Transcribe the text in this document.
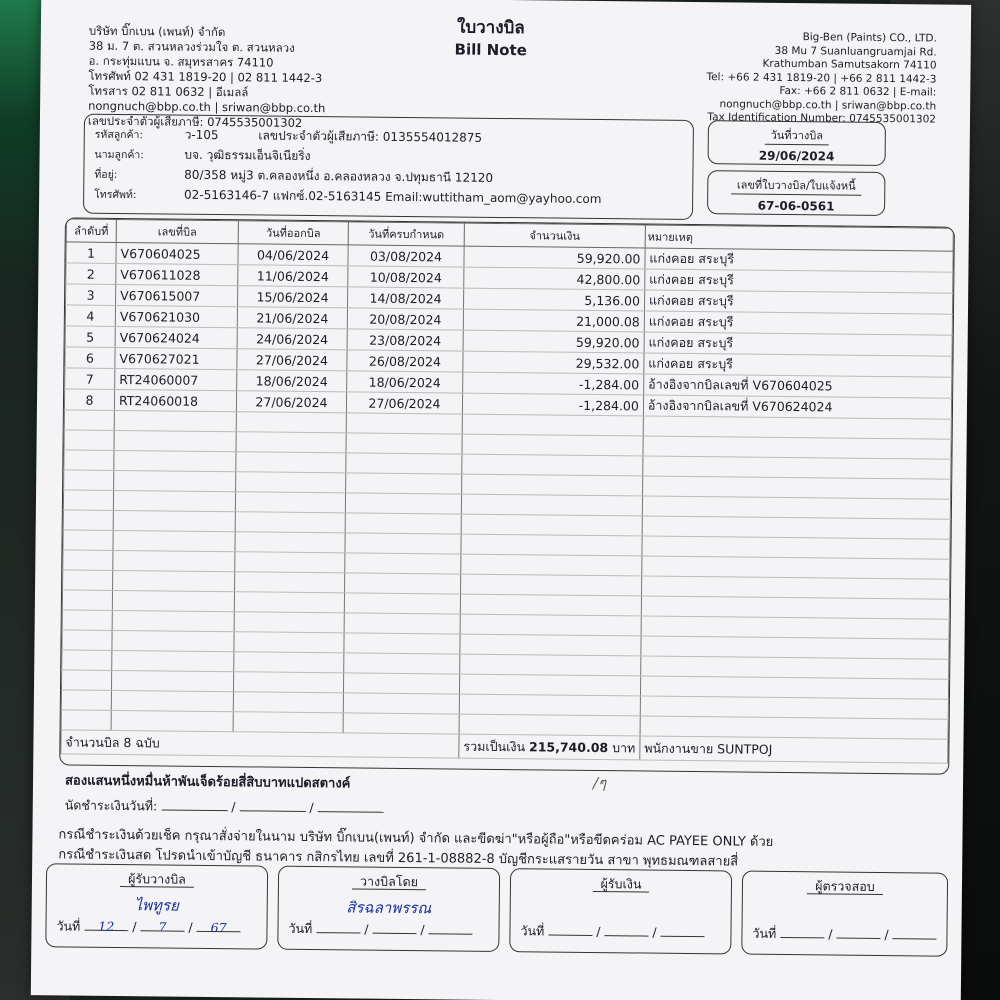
บริษัท บิ๊กเบน (เพนท์) จำกัด
38 ม. 7 ต. สวนหลวงร่วมใจ ต. สวนหลวง
อ. กระทุ่มแบน จ. สมุทรสาคร 74110
โทรศัพท์ 02 431 1819-20 | 02 811 1442-3
โทรสาร 02 811 0632 | อีเมลล์
nongnuch@bbp.co.th | sriwan@bbp.co.th
เลขประจำตัวผู้เสียภาษี: 0745535001302
ใบวางบิล
Bill Note
Big-Ben (Paints) CO., LTD.
38 Mu 7 Suanluangruamjai Rd.
Krathumban Samutsakorn 74110
Tel: +66 2 431 1819-20 | +66 2 811 1442-3
Fax: +66 2 811 0632 | E-mail:
nongnuch@bbp.co.th | sriwan@bbp.co.th
Tax Identification Number: 0745535001302
รหัสลูกค้า:	ว-105	เลขประจำตัวผู้เสียภาษี: 0135554012875
นามลูกค้า:	บจ. วุฒิธรรมเอ็นจิเนียริ่ง
ที่อยู่:	80/358 หมู่3 ต.คลองหนึ่ง อ.คลองหลวง จ.ปทุมธานี 12120
โทรศัพท์:	02-5163146-7 แฟกซ์.02-5163145 Email:wuttitham_aom@yayhoo.com
วันที่วางบิล
29/06/2024
เลขที่ใบวางบิล/ใบแจ้งหนี้
67-06-0561
ลำดับที่	เลขที่บิล	วันที่ออกบิล	วันที่ครบกำหนด	จำนวนเงิน	หมายเหตุ
1	V670604025	04/06/2024	03/08/2024	59,920.00	แก่งคอย สระบุรี
2	V670611028	11/06/2024	10/08/2024	42,800.00	แก่งคอย สระบุรี
3	V670615007	15/06/2024	14/08/2024	5,136.00	แก่งคอย สระบุรี
4	V670621030	21/06/2024	20/08/2024	21,000.08	แก่งคอย สระบุรี
5	V670624024	24/06/2024	23/08/2024	59,920.00	แก่งคอย สระบุรี
6	V670627021	27/06/2024	26/08/2024	29,532.00	แก่งคอย สระบุรี
7	RT24060007	18/06/2024	18/06/2024	-1,284.00	อ้างอิงจากบิลเลขที่ V670604025
8	RT24060018	27/06/2024	27/06/2024	-1,284.00	อ้างอิงจากบิลเลขที่ V670624024

จำนวนบิล 8 ฉบับ				รวมเป็นเงิน 215,740.08 บาท	พนักงานขาย SUNTPOJ
สองแสนหนึ่งหมื่นห้าพันเจ็ดร้อยสี่สิบบาทแปดสตางค์	/ๆ
นัดชำระเงินวันที่:	/	/
กรณีชำระเงินด้วยเช็ค กรุณาสั่งจ่ายในนาม บริษัท บิ๊กเบน(เพนท์) จำกัด และขีดฆ่า"หรือผู้ถือ"หรือขีดคร่อม AC PAYEE ONLY ด้วย
กรณีชำระเงินสด โปรดนำเข้าบัญชี ธนาคาร กสิกรไทย เลขที่ 261-1-08882-8 บัญชีกระแสรายวัน สาขา พุทธมณฑลสายสี่
ผู้รับวางบิล
ไพทูรย
วันที่ 12 / 7 / 67
วางบิลโดย
สิรฉลาพรรณ
วันที่	/	/
ผู้รับเงิน
วันที่	/	/
ผู้ตรวจสอบ
วันที่	/	/
